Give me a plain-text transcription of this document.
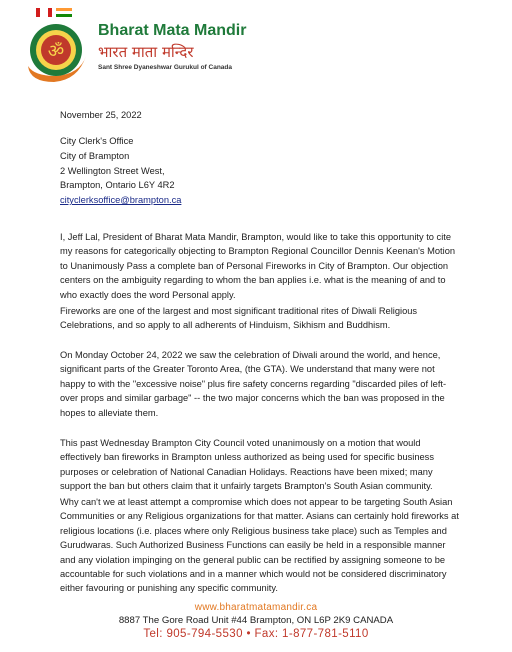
ॐ
Bharat Mata Mandir
भारत माता मन्दिर
Sant Shree Dyaneshwar Gurukul of Canada
November 25, 2022
City Clerk's Office
City of Brampton
2 Wellington Street West,
Brampton, Ontario L6Y 4R2
cityclerksoffice@brampton.ca
I, Jeff Lal, President of Bharat Mata Mandir, Brampton, would like to take this opportunity to cite my reasons for categorically objecting to Brampton Regional Councillor Dennis Keenan's Motion to Unanimously Pass a complete ban of Personal Fireworks in City of Brampton. Our objection centers on the ambiguity regarding to whom the ban applies i.e. what is the meaning of and to who exactly does the word Personal apply.
Fireworks are one of the largest and most significant traditional rites of Diwali Religious Celebrations, and so apply to all adherents of Hinduism, Sikhism and Buddhism.
On Monday October 24, 2022 we saw the celebration of Diwali around the world, and hence, significant parts of the Greater Toronto Area, (the GTA). We understand that many were not happy to with the "excessive noise" plus fire safety concerns regarding "discarded piles of left-over props and similar garbage" -- the two major concerns which the ban was proposed in the hopes to alleviate them.
This past Wednesday Brampton City Council voted unanimously on a motion that would effectively ban fireworks in Brampton unless authorized as being used for specific business purposes or celebration of National Canadian Holidays. Reactions have been mixed; many support the ban but others claim that it unfairly targets Brampton's South Asian community.
Why can't we at least attempt a compromise which does not appear to be targeting South Asian Communities or any Religious organizations for that matter. Asians can certainly hold fireworks at religious locations (i.e. places where only Religious business take place) such as Temples and Gurudwaras. Such Authorized Business Functions can easily be held in a responsible manner and any violation impinging on the general public can be rectified by assigning someone to be accountable for such violations and in a manner which would not be considered discriminatory either favouring or punishing any specific community.
www.bharatmatamandir.ca
8887 The Gore Road Unit #44 Brampton, ON L6P 2K9 CANADA
Tel: 905-794-5530 • Fax: 1-877-781-5110
